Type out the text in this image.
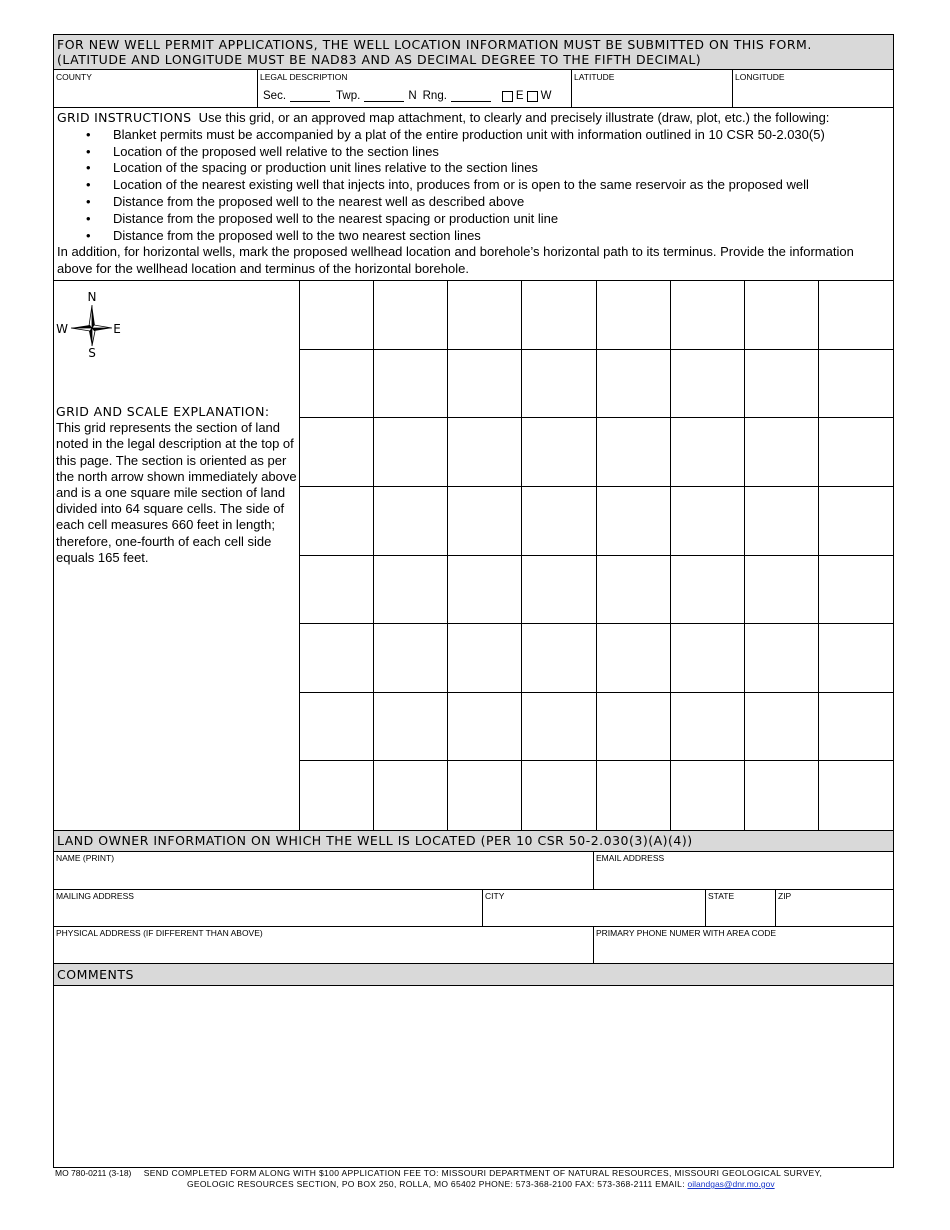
FOR NEW WELL PERMIT APPLICATIONS, THE WELL LOCATION INFORMATION MUST BE SUBMITTED ON THIS FORM.
(LATITUDE AND LONGITUDE MUST BE NAD83 AND AS DECIMAL DEGREE TO THE FIFTH DECIMAL)
COUNTY	LEGAL DESCRIPTION
Sec.	Twp.	N Rng.	E W
LATITUDE	LONGITUDE
GRID INSTRUCTIONS Use this grid, or an approved map attachment, to clearly and precisely illustrate (draw, plot, etc.) the following:
• Blanket permits must be accompanied by a plat of the entire production unit with information outlined in 10 CSR 50-2.030(5)
• Location of the proposed well relative to the section lines
• Location of the spacing or production unit lines relative to the section lines
• Location of the nearest existing well that injects into, produces from or is open to the same reservoir as the proposed well
• Distance from the proposed well to the nearest well as described above
• Distance from the proposed well to the nearest spacing or production unit line
• Distance from the proposed well to the two nearest section lines
In addition, for horizontal wells, mark the proposed wellhead location and borehole’s horizontal path to its terminus. Provide the information above for the wellhead location and terminus of the horizontal borehole.
N
S
W	E
GRID AND SCALE EXPLANATION:
This grid represents the section of land noted in the legal description at the top of this page. The section is oriented as per the north arrow shown immediately above and is a one square mile section of land divided into 64 square cells. The side of each cell measures 660 feet in length; therefore, one-fourth of each cell side equals 165 feet.
LAND OWNER INFORMATION ON WHICH THE WELL IS LOCATED (PER 10 CSR 50-2.030(3)(A)(4))
NAME (PRINT)	EMAIL ADDRESS
MAILING ADDRESS	CITY	STATE	ZIP
PHYSICAL ADDRESS (IF DIFFERENT THAN ABOVE)	PRIMARY PHONE NUMER WITH AREA CODE
COMMENTS
MO 780-0211 (3-18) SEND COMPLETED FORM ALONG WITH $100 APPLICATION FEE TO: MISSOURI DEPARTMENT OF NATURAL RESOURCES, MISSOURI GEOLOGICAL SURVEY,
GEOLOGIC RESOURCES SECTION, PO BOX 250, ROLLA, MO 65402 PHONE: 573-368-2100 FAX: 573-368-2111 EMAIL: oilandgas@dnr.mo.gov
